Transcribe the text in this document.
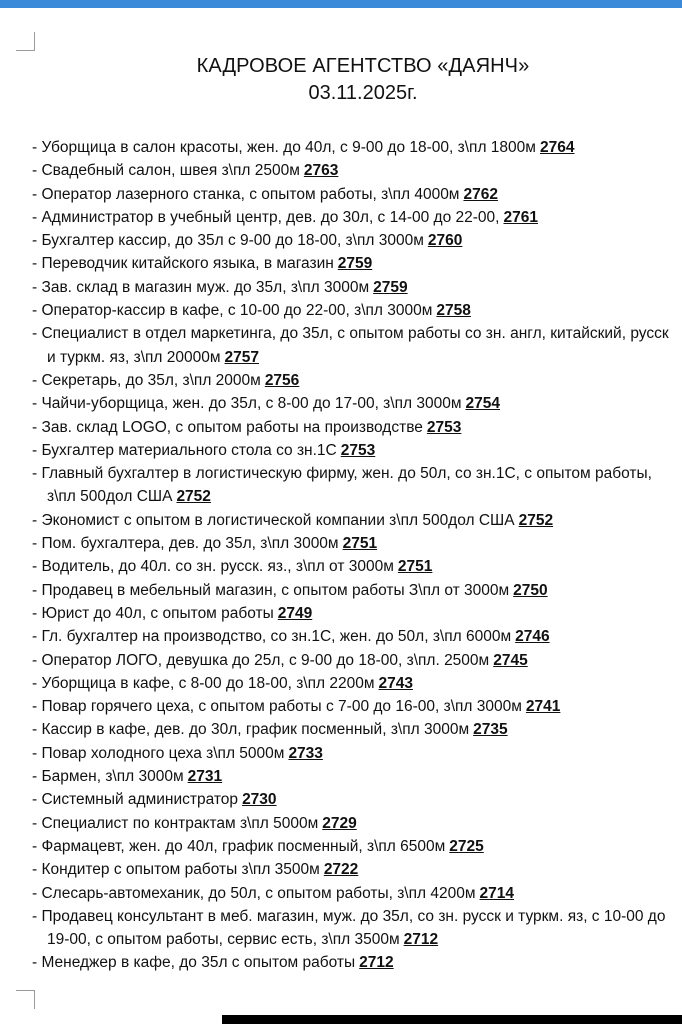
КАДРОВОЕ АГЕНТСТВО «ДАЯНЧ»
03.11.2025г.
- Уборщица в салон красоты, жен. до 40л, с 9-00 до 18-00, з\пл 1800м 2764
- Свадебный салон, швея з\пл 2500м 2763
- Оператор лазерного станка, с опытом работы, з\пл 4000м 2762
- Администратор в учебный центр, дев. до 30л, с 14-00 до 22-00, 2761
- Бухгалтер кассир, до 35л с 9-00 до 18-00, з\пл 3000м 2760
- Переводчик китайского языка, в магазин 2759
- Зав. склад в магазин муж. до 35л, з\пл 3000м 2759
- Оператор-кассир в кафе, с 10-00 до 22-00, з\пл 3000м 2758
- Специалист в отдел маркетинга, до 35л, с опытом работы со зн. англ, китайский, русск и туркм. яз, з\пл 20000м 2757
- Секретарь, до 35л, з\пл 2000м 2756
- Чайчи-уборщица, жен. до 35л, с 8-00 до 17-00, з\пл 3000м 2754
- Зав. склад LOGO, с опытом работы на производстве 2753
- Бухгалтер материального стола со зн.1С 2753
- Главный бухгалтер в логистическую фирму, жен. до 50л, со зн.1С, с опытом работы, з\пл 500дол США 2752
- Экономист с опытом в логистической компании з\пл 500дол США 2752
- Пом. бухгалтера, дев. до 35л, з\пл 3000м 2751
- Водитель, до 40л. со зн. русск. яз., з\пл от 3000м 2751
- Продавец в мебельный магазин, с опытом работы З\пл от 3000м 2750
- Юрист до 40л, с опытом работы 2749
- Гл. бухгалтер на производство, со зн.1С, жен. до 50л, з\пл 6000м 2746
- Оператор ЛОГО, девушка до 25л, с 9-00 до 18-00, з\пл. 2500м 2745
- Уборщица в кафе, с 8-00 до 18-00, з\пл 2200м 2743
- Повар горячего цеха, с опытом работы с 7-00 до 16-00, з\пл 3000м 2741
- Кассир в кафе, дев. до 30л, график посменный, з\пл 3000м 2735
- Повар холодного цеха з\пл 5000м 2733
- Бармен, з\пл 3000м 2731
- Системный администратор 2730
- Специалист по контрактам з\пл 5000м 2729
- Фармацевт, жен. до 40л, график посменный, з\пл 6500м 2725
- Кондитер с опытом работы з\пл 3500м 2722
- Слесарь-автомеханик, до 50л, с опытом работы, з\пл 4200м 2714
- Продавец консультант в меб. магазин, муж. до 35л, со зн. русск и туркм. яз, с 10-00 до 19-00, с опытом работы, сервис есть, з\пл 3500м 2712
- Менеджер в кафе, до 35л с опытом работы 2712
